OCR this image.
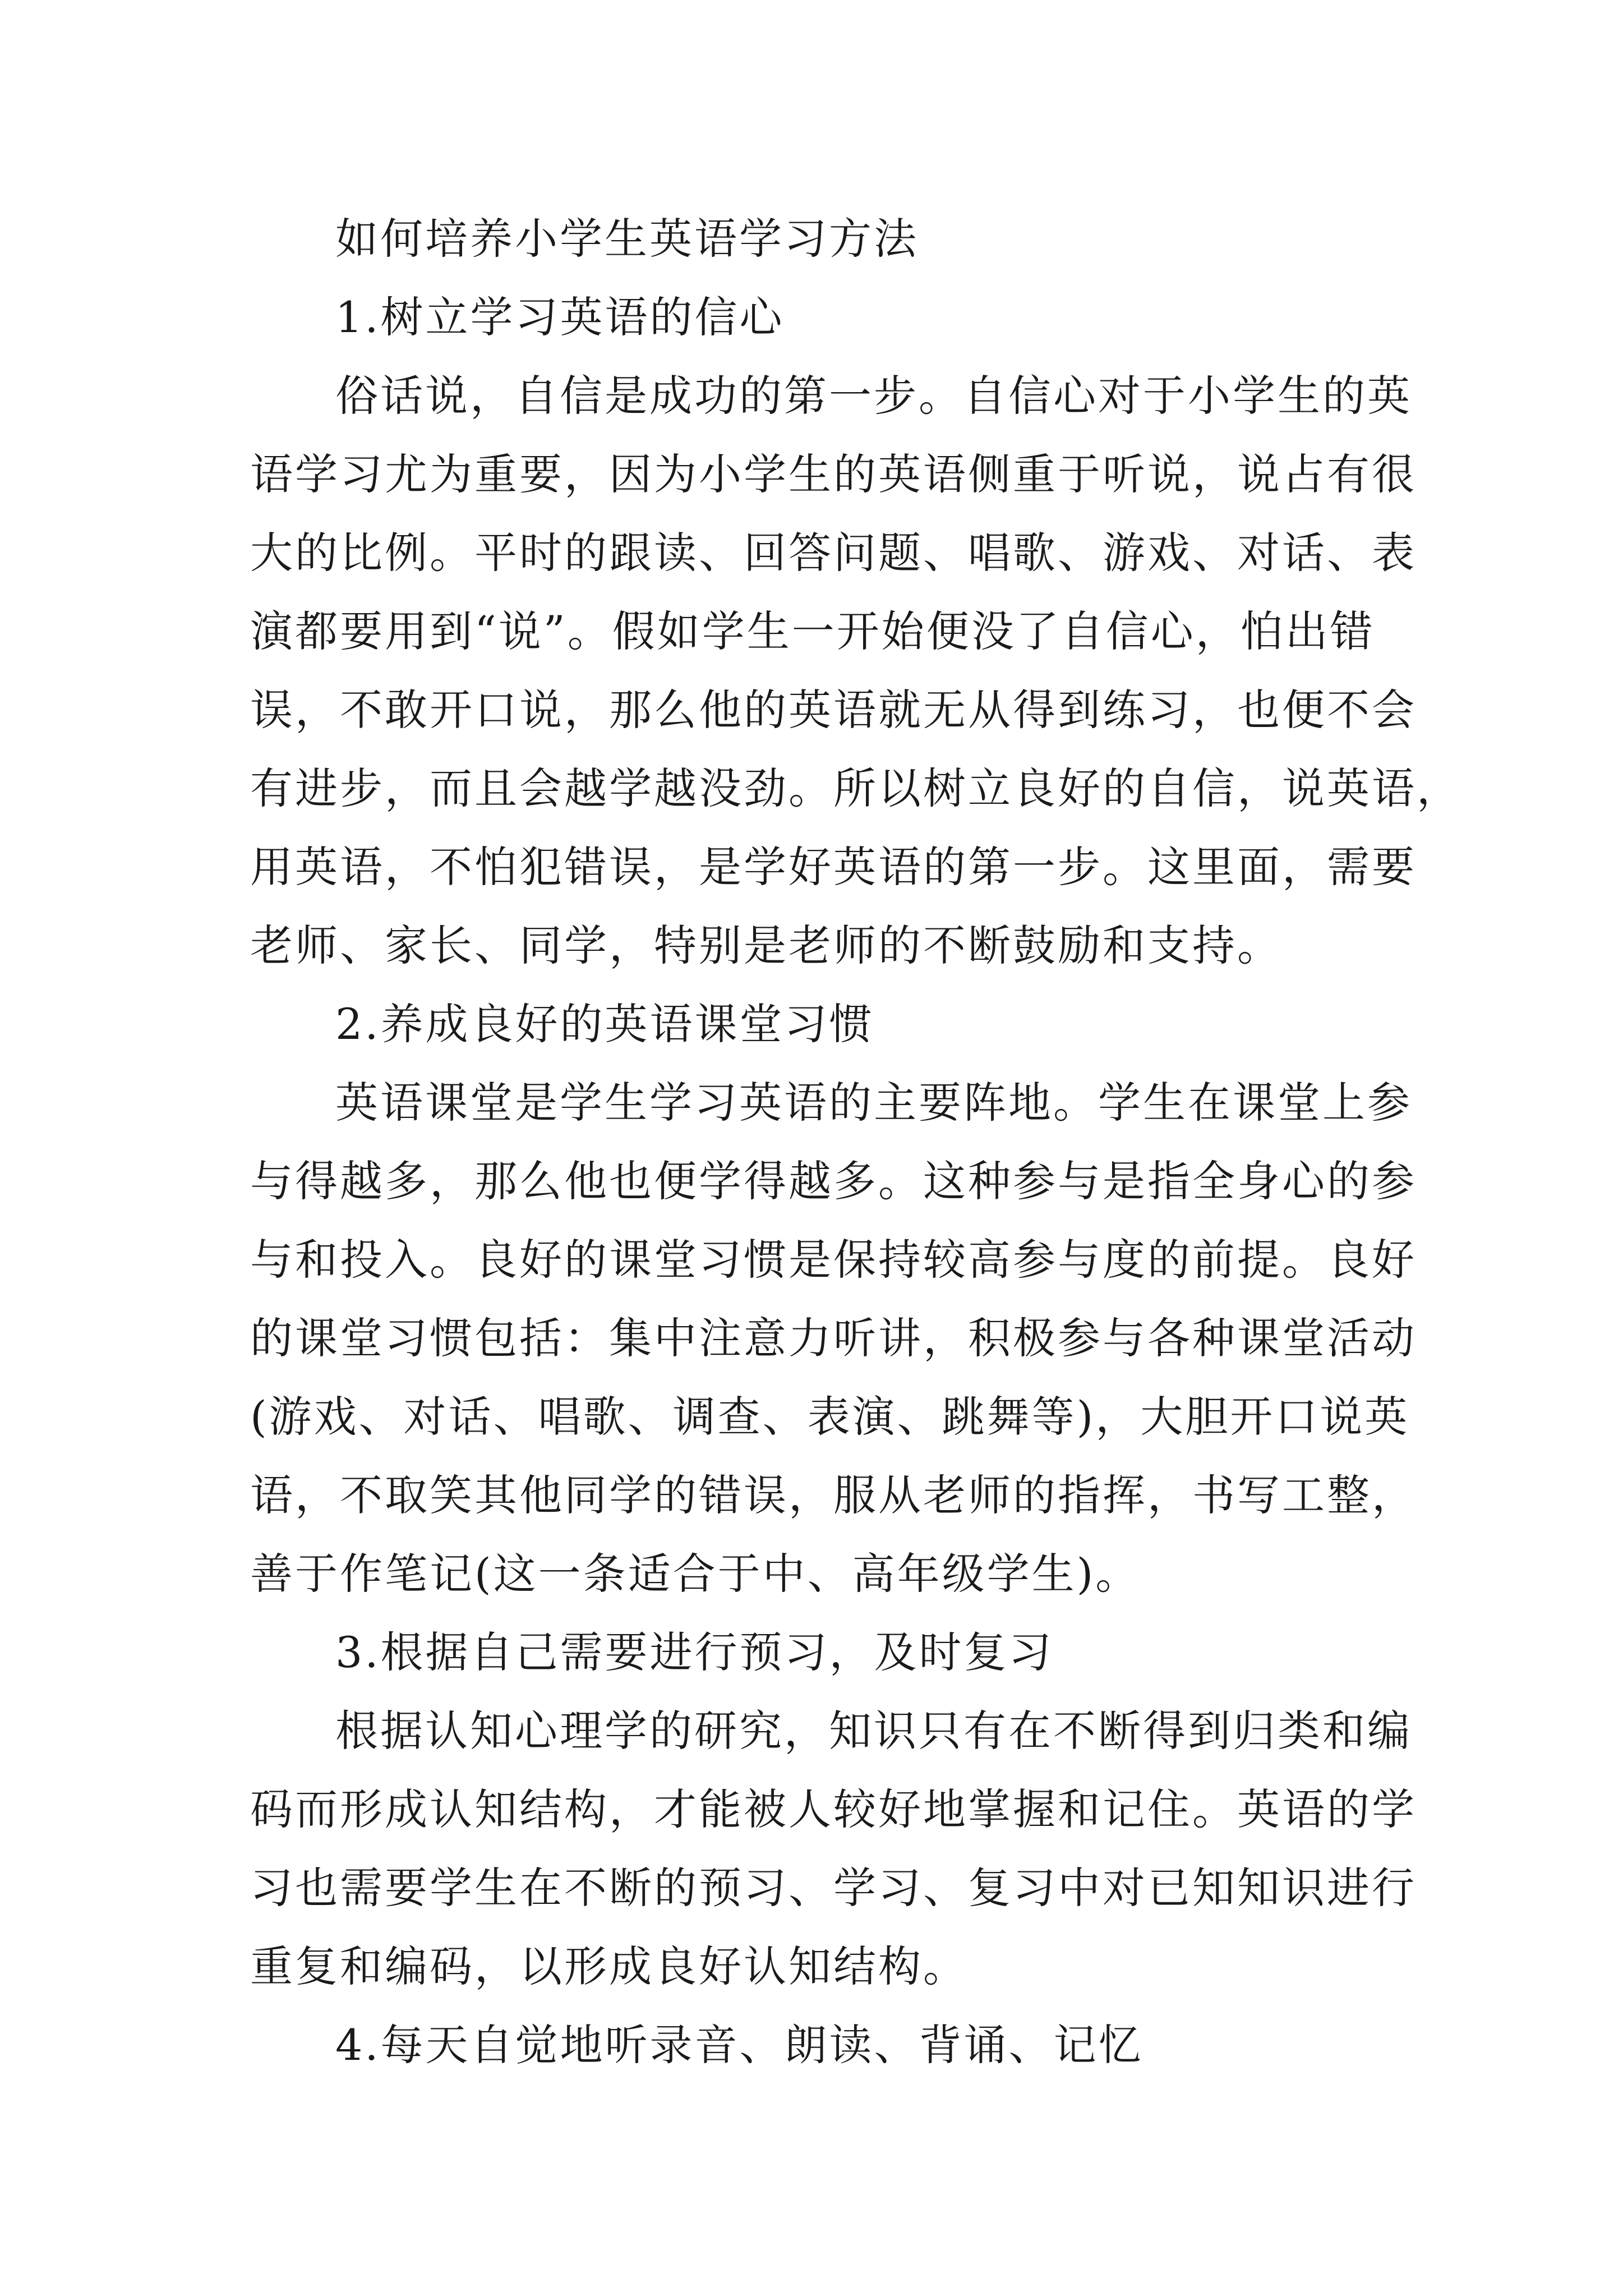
如何培养小学生英语学习方法
1.树立学习英语的信心
俗话说，自信是成功的第一步。自信心对于小学生的英
语学习尤为重要，因为小学生的英语侧重于听说，说占有很
大的比例。平时的跟读、回答问题、唱歌、游戏、对话、表
演都要用到“说”。假如学生一开始便没了自信心，怕出错
误，不敢开口说，那么他的英语就无从得到练习，也便不会
有进步，而且会越学越没劲。所以树立良好的自信，说英语，
用英语，不怕犯错误，是学好英语的第一步。这里面，需要
老师、家长、同学，特别是老师的不断鼓励和支持。
2.养成良好的英语课堂习惯
英语课堂是学生学习英语的主要阵地。学生在课堂上参
与得越多，那么他也便学得越多。这种参与是指全身心的参
与和投入。良好的课堂习惯是保持较高参与度的前提。良好
的课堂习惯包括：集中注意力听讲，积极参与各种课堂活动
(游戏、对话、唱歌、调查、表演、跳舞等)，大胆开口说英
语，不取笑其他同学的错误，服从老师的指挥，书写工整，
善于作笔记(这一条适合于中、高年级学生)。
3.根据自己需要进行预习，及时复习
根据认知心理学的研究，知识只有在不断得到归类和编
码而形成认知结构，才能被人较好地掌握和记住。英语的学
习也需要学生在不断的预习、学习、复习中对已知知识进行
重复和编码，以形成良好认知结构。
4.每天自觉地听录音、朗读、背诵、记忆
